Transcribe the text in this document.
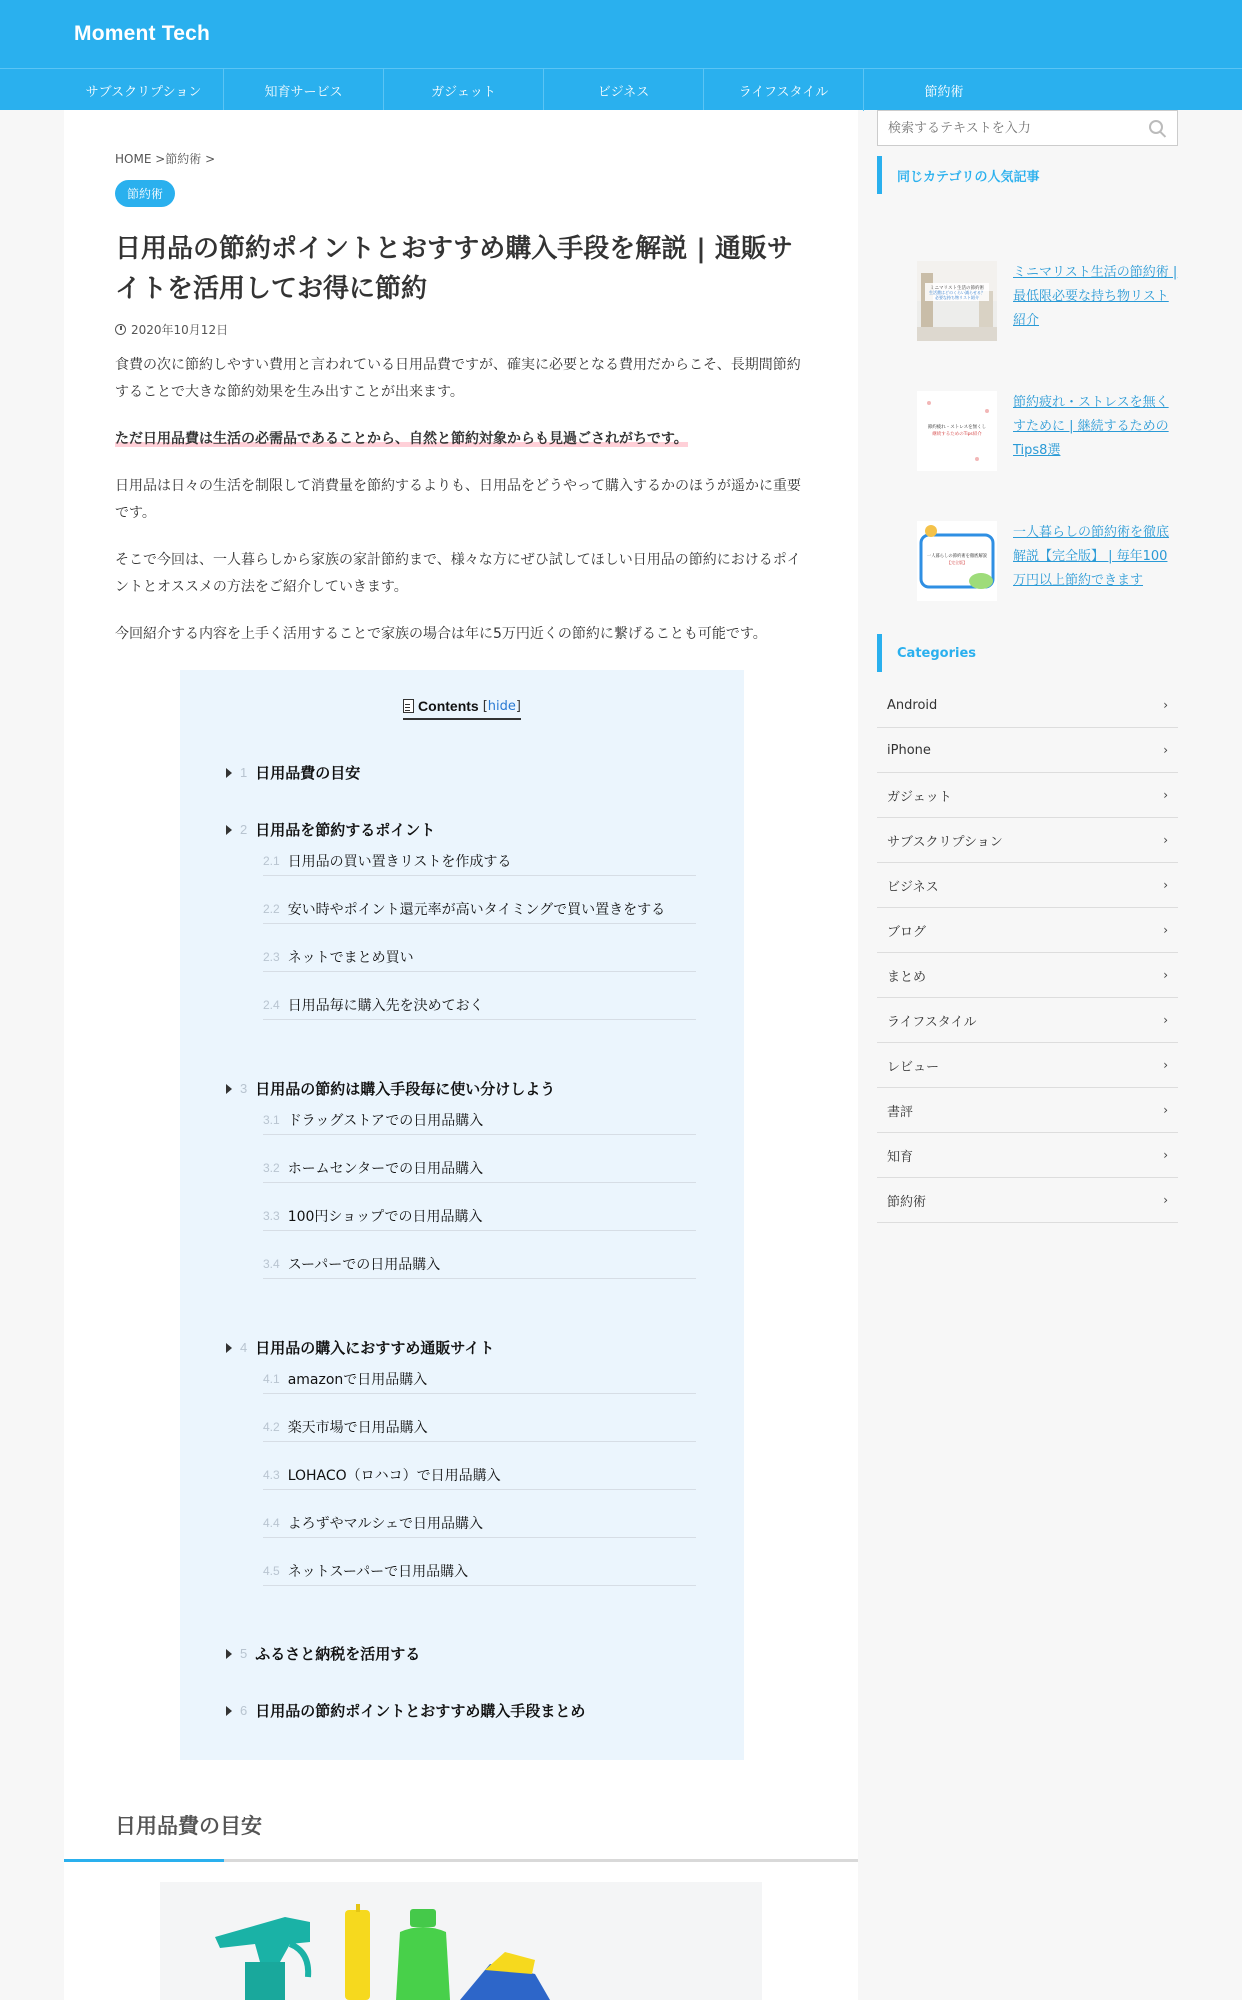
Moment Tech
サブスクリプション	知育サービス	ガジェット	ビジネス	ライフスタイル	節約術
HOME >節約術 >
節約術
日用品の節約ポイントとおすすめ購入手段を解説 | 通販サイトを活用してお得に節約
2020年10月12日

食費の次に節約しやすい費用と言われている日用品費ですが、確実に必要となる費用だからこそ、長期間節約することで大きな節約効果を生み出すことが出来ます。

ただ日用品費は生活の必需品であることから、自然と節約対象からも見過ごされがちです。

日用品は日々の生活を制限して消費量を節約するよりも、日用品をどうやって購入するかのほうが遥かに重要です。

そこで今回は、一人暮らしから家族の家計節約まで、様々な方にぜひ試してほしい日用品の節約におけるポイントとオススメの方法をご紹介していきます。

今回紹介する内容を上手く活用することで家族の場合は年に5万円近くの節約に繋げることも可能です。

Contents [hide]
1 日用品費の目安
2 日用品を節約するポイント
2.1 日用品の買い置きリストを作成する
2.2 安い時やポイント還元率が高いタイミングで買い置きをする
2.3 ネットでまとめ買い
2.4 日用品毎に購入先を決めておく
3 日用品の節約は購入手段毎に使い分けしよう
3.1 ドラッグストアでの日用品購入
3.2 ホームセンターでの日用品購入
3.3 100円ショップでの日用品購入
3.4 スーパーでの日用品購入
4 日用品の購入におすすめ通販サイト
4.1 amazonで日用品購入
4.2 楽天市場で日用品購入
4.3 LOHACO（ロハコ）で日用品購入
4.4 よろずやマルシェで日用品購入
4.5 ネットスーパーで日用品購入
5 ふるさと納税を活用する
6 日用品の節約ポイントとおすすめ購入手段まとめ
日用品費の目安
検索するテキストを入力
同じカテゴリの人気記事
ミニマリスト生活の節約術
生活費はどのくらい減らせる？
必要な持ち物リスト紹介
ミニマリスト生活の節約術 | 最低限必要な持ち物リスト紹介
節約疲れ・ストレスを無くし
継続するためのTips紹介
節約疲れ・ストレスを無くすために | 継続するためのTips8選
一人暮らしの節約術を徹底解説
【完全版】
一人暮らしの節約術を徹底解説【完全版】 | 毎年100万円以上節約できます
Categories
Android	›
iPhone	›
ガジェット	›
サブスクリプション	›
ビジネス	›
ブログ	›
まとめ	›
ライフスタイル	›
レビュー	›
書評	›
知育	›
節約術	›
